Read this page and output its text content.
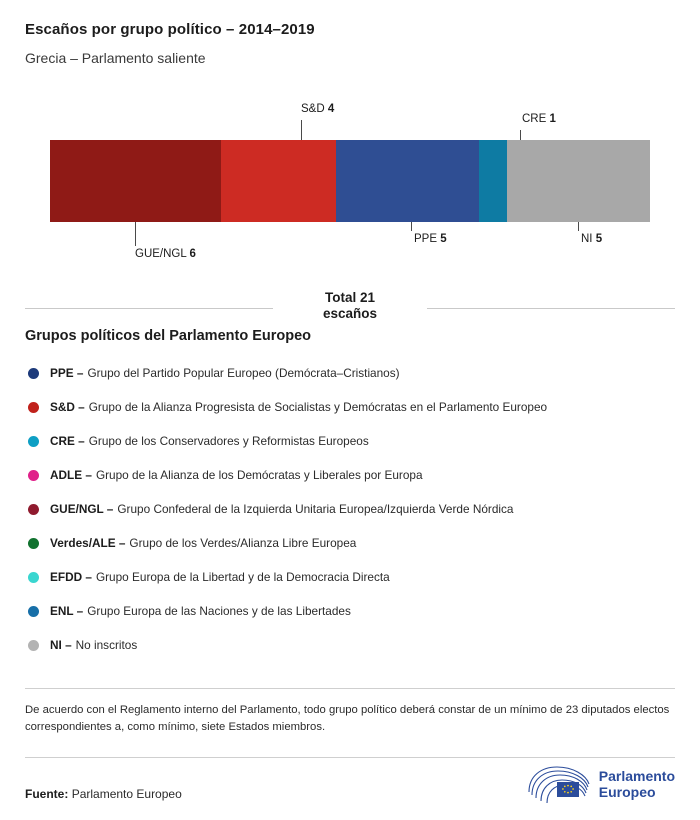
Escaños por grupo político – 2014–2019
Grecia – Parlamento saliente
S&D 4
CRE 1
GUE/NGL 6
PPE 5	NI 5
Total 21
escaños
Grupos políticos del Parlamento Europeo
PPE – Grupo del Partido Popular Europeo (Demócrata–Cristianos)
S&D – Grupo de la Alianza Progresista de Socialistas y Demócratas en el Parlamento Europeo
CRE – Grupo de los Conservadores y Reformistas Europeos
ADLE – Grupo de la Alianza de los Demócratas y Liberales por Europa
GUE/NGL – Grupo Confederal de la Izquierda Unitaria Europea/Izquierda Verde Nórdica
Verdes/ALE – Grupo de los Verdes/Alianza Libre Europea
EFDD – Grupo Europa de la Libertad y de la Democracia Directa
ENL – Grupo Europa de las Naciones y de las Libertades
NI – No inscritos
De acuerdo con el Reglamento interno del Parlamento, todo grupo político deberá constar de un mínimo de 23 diputados electos correspondientes a, como mínimo, siete Estados miembros.
Fuente: Parlamento Europeo
Parlamento
Europeo
